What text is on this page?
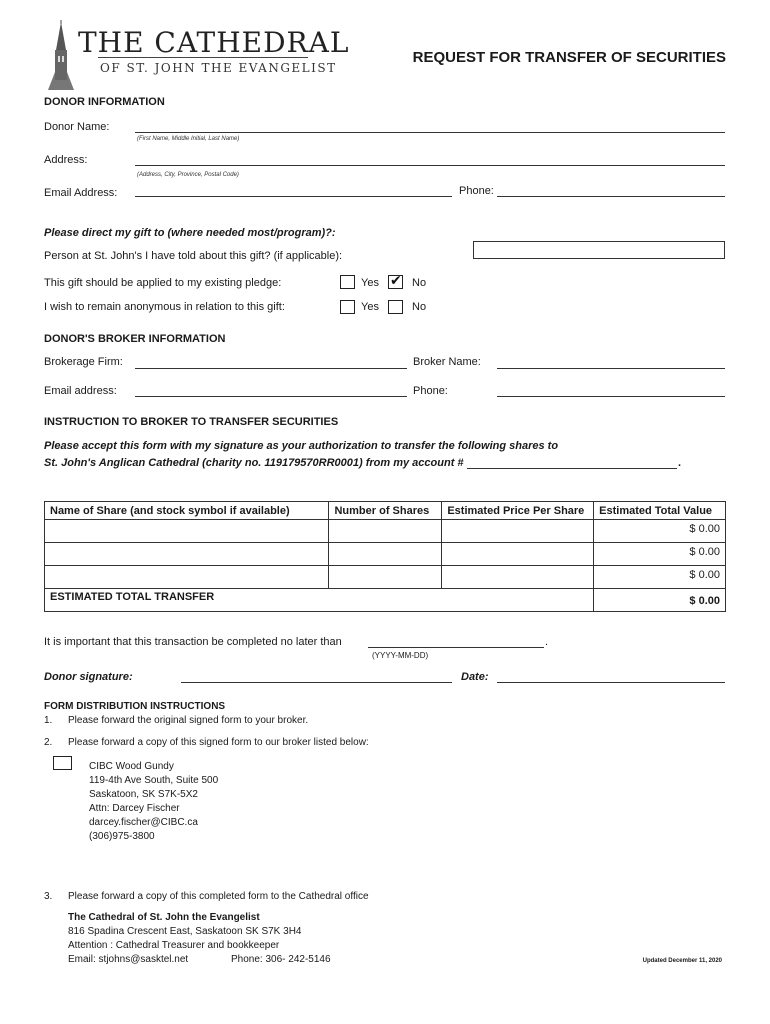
THE CATHEDRAL
OF ST. JOHN THE EVANGELIST
REQUEST FOR TRANSFER OF SECURITIES
DONOR INFORMATION
Donor Name:
(First Name, Middle Initial, Last Name)
Address:
(Address, City, Province, Postal Code)
Email Address:	Phone:
Please direct my gift to (where needed most/program)?:
Person at St. John's I have told about this gift? (if applicable):
This gift should be applied to my existing pledge:	Yes ✔ No
I wish to remain anonymous in relation to this gift:	Yes	No
DONOR'S BROKER INFORMATION
Brokerage Firm:	Broker Name:
Email address:	Phone:
INSTRUCTION TO BROKER TO TRANSFER SECURITIES
Please accept this form with my signature as your authorization to transfer the following shares to
St. John's Anglican Cathedral (charity no. 119179570RR0001) from my account #	.
Name of Share (and stock symbol if available)	Number of Shares	Estimated Price Per Share	Estimated Total Value
			$ 0.00
			$ 0.00
			$ 0.00
ESTIMATED TOTAL TRANSFER			$ 0.00
It is important that this transaction be completed no later than	.
(YYYY-MM-DD)
Donor signature:	Date:
FORM DISTRIBUTION INSTRUCTIONS
1. Please forward the original signed form to your broker.
2. Please forward a copy of this signed form to our broker listed below:
CIBC Wood Gundy
119-4th Ave South, Suite 500
Saskatoon, SK S7K-5X2
Attn: Darcey Fischer
darcey.fischer@CIBC.ca
(306)975-3800
3. Please forward a copy of this completed form to the Cathedral office
The Cathedral of St. John the Evangelist
816 Spadina Crescent East, Saskatoon SK S7K 3H4
Attention : Cathedral Treasurer and bookkeeper
Email: stjohns@sasktel.net	Phone: 306- 242-5146	Updated December 11, 2020
